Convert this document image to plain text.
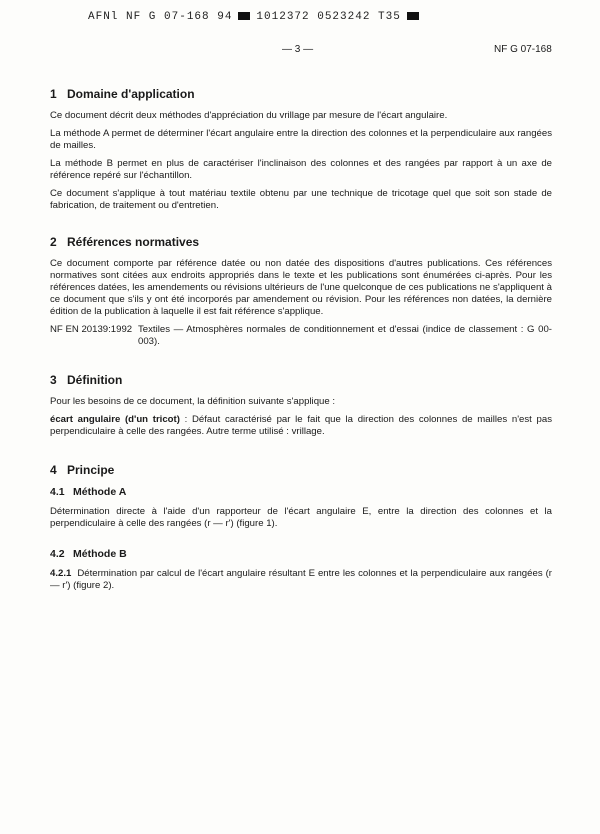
AFNl NF G 07-168 94 1012372 0523242 T35
— 3 —	NF G 07-168
1 Domaine d'application

Ce document décrit deux méthodes d'appréciation du vrillage par mesure de l'écart angulaire.

La méthode A permet de déterminer l'écart angulaire entre la direction des colonnes et la perpendiculaire aux rangées de mailles.

La méthode B permet en plus de caractériser l'inclinaison des colonnes et des rangées par rapport à un axe de référence repéré sur l'échantillon.

Ce document s'applique à tout matériau textile obtenu par une technique de tricotage quel que soit son stade de fabrication, de traitement ou d'entretien.

2 Références normatives

Ce document comporte par référence datée ou non datée des dispositions d'autres publications. Ces références normatives sont citées aux endroits appropriés dans le texte et les publications sont énumérées ci-après. Pour les références datées, les amendements ou révisions ultérieurs de l'une quelconque de ces publications ne s'appliquent à ce document que s'ils y ont été incorporés par amendement ou révision. Pour les références non datées, la dernière édition de la publication à laquelle il est fait référence s'applique.

NF EN 20139:1992 Textiles — Atmosphères normales de conditionnement et d'essai (indice de classement : G 00-003).
3 Définition

Pour les besoins de ce document, la définition suivante s'applique :

écart angulaire (d'un tricot) : Défaut caractérisé par le fait que la direction des colonnes de mailles n'est pas perpendiculaire à celle des rangées. Autre terme utilisé : vrillage.

4 Principe
4.1 Méthode A

Détermination directe à l'aide d'un rapporteur de l'écart angulaire E, entre la direction des colonnes et la perpendiculaire à celle des rangées (r — r') (figure 1).

4.2 Méthode B

4.2.1 Détermination par calcul de l'écart angulaire résultant E entre les colonnes et la perpendiculaire aux rangées (r — r') (figure 2).
